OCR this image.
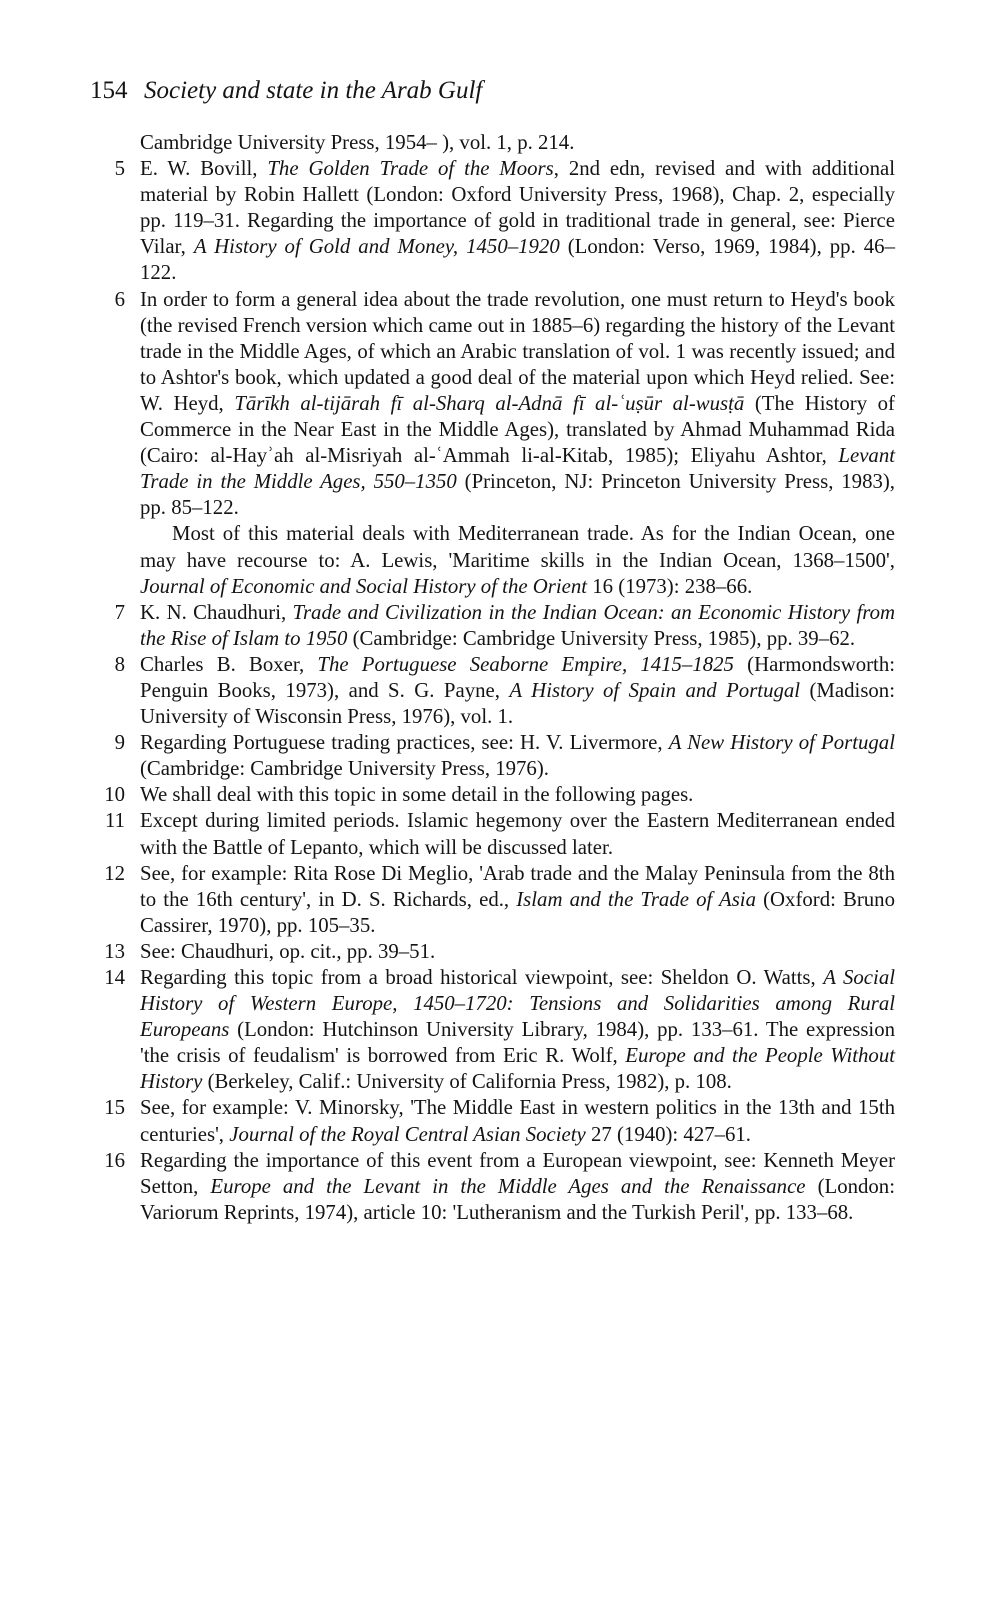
154 Society and state in the Arab Gulf
Cambridge University Press, 1954– ), vol. 1, p. 214.
5 E. W. Bovill, The Golden Trade of the Moors, 2nd edn, revised and with additional material by Robin Hallett (London: Oxford University Press, 1968), Chap. 2, especially pp. 119–31. Regarding the importance of gold in traditional trade in general, see: Pierce Vilar, A History of Gold and Money, 1450–1920 (London: Verso, 1969, 1984), pp. 46–122.
6 In order to form a general idea about the trade revolution, one must return to Heyd's book (the revised French version which came out in 1885–6) regarding the history of the Levant trade in the Middle Ages, of which an Arabic translation of vol. 1 was recently issued; and to Ashtor's book, which updated a good deal of the material upon which Heyd relied. See: W. Heyd, Tārīkh al-tijārah fī al-Sharq al-Adnā fī al-ʿuṣūr al-wusṭā (The History of Commerce in the Near East in the Middle Ages), translated by Ahmad Muhammad Rida (Cairo: al-Hayʾah al-Misriyah al-ʿAmmah li-al-Kitab, 1985); Eliyahu Ashtor, Levant Trade in the Middle Ages, 550–1350 (Princeton, NJ: Princeton University Press, 1983), pp. 85–122.
Most of this material deals with Mediterranean trade. As for the Indian Ocean, one may have recourse to: A. Lewis, 'Maritime skills in the Indian Ocean, 1368–1500', Journal of Economic and Social History of the Orient 16 (1973): 238–66.
7 K. N. Chaudhuri, Trade and Civilization in the Indian Ocean: an Economic History from the Rise of Islam to 1950 (Cambridge: Cambridge University Press, 1985), pp. 39–62.
8 Charles B. Boxer, The Portuguese Seaborne Empire, 1415–1825 (Harmondsworth: Penguin Books, 1973), and S. G. Payne, A History of Spain and Portugal (Madison: University of Wisconsin Press, 1976), vol. 1.
9 Regarding Portuguese trading practices, see: H. V. Livermore, A New History of Portugal (Cambridge: Cambridge University Press, 1976).
10 We shall deal with this topic in some detail in the following pages.
11 Except during limited periods. Islamic hegemony over the Eastern Mediterranean ended with the Battle of Lepanto, which will be discussed later.
12 See, for example: Rita Rose Di Meglio, 'Arab trade and the Malay Peninsula from the 8th to the 16th century', in D. S. Richards, ed., Islam and the Trade of Asia (Oxford: Bruno Cassirer, 1970), pp. 105–35.
13 See: Chaudhuri, op. cit., pp. 39–51.
14 Regarding this topic from a broad historical viewpoint, see: Sheldon O. Watts, A Social History of Western Europe, 1450–1720: Tensions and Solidarities among Rural Europeans (London: Hutchinson University Library, 1984), pp. 133–61. The expression 'the crisis of feudalism' is borrowed from Eric R. Wolf, Europe and the People Without History (Berkeley, Calif.: University of California Press, 1982), p. 108.
15 See, for example: V. Minorsky, 'The Middle East in western politics in the 13th and 15th centuries', Journal of the Royal Central Asian Society 27 (1940): 427–61.
16 Regarding the importance of this event from a European viewpoint, see: Kenneth Meyer Setton, Europe and the Levant in the Middle Ages and the Renaissance (London: Variorum Reprints, 1974), article 10: 'Lutheranism and the Turkish Peril', pp. 133–68.
